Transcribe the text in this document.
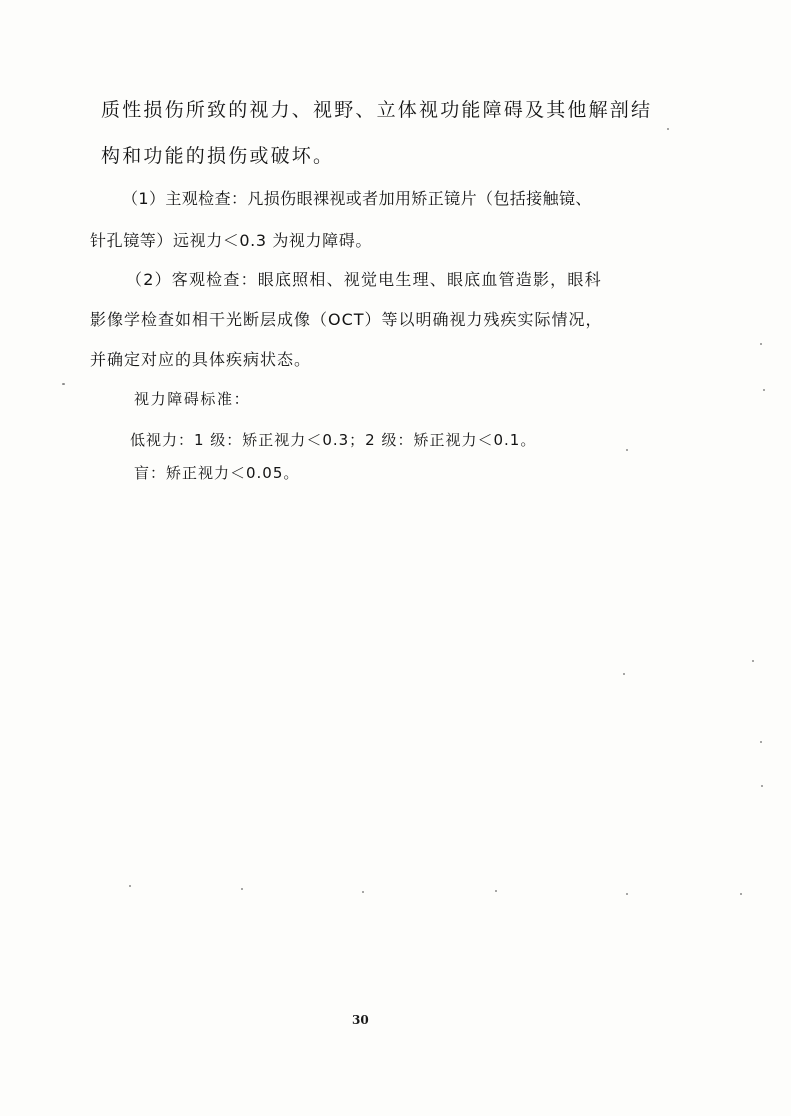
质性损伤所致的视力、视野、立体视功能障碍及其他解剖结
构和功能的损伤或破坏。
（1）主观检查：凡损伤眼裸视或者加用矫正镜片（包括接触镜、
针孔镜等）远视力＜0.3 为视力障碍。
（2）客观检查：眼底照相、视觉电生理、眼底血管造影，眼科
影像学检查如相干光断层成像（OCT）等以明确视力残疾实际情况，
并确定对应的具体疾病状态。
视力障碍标准：
低视力：1 级：矫正视力＜0.3；2 级：矫正视力＜0.1。
盲：矫正视力＜0.05。
30
